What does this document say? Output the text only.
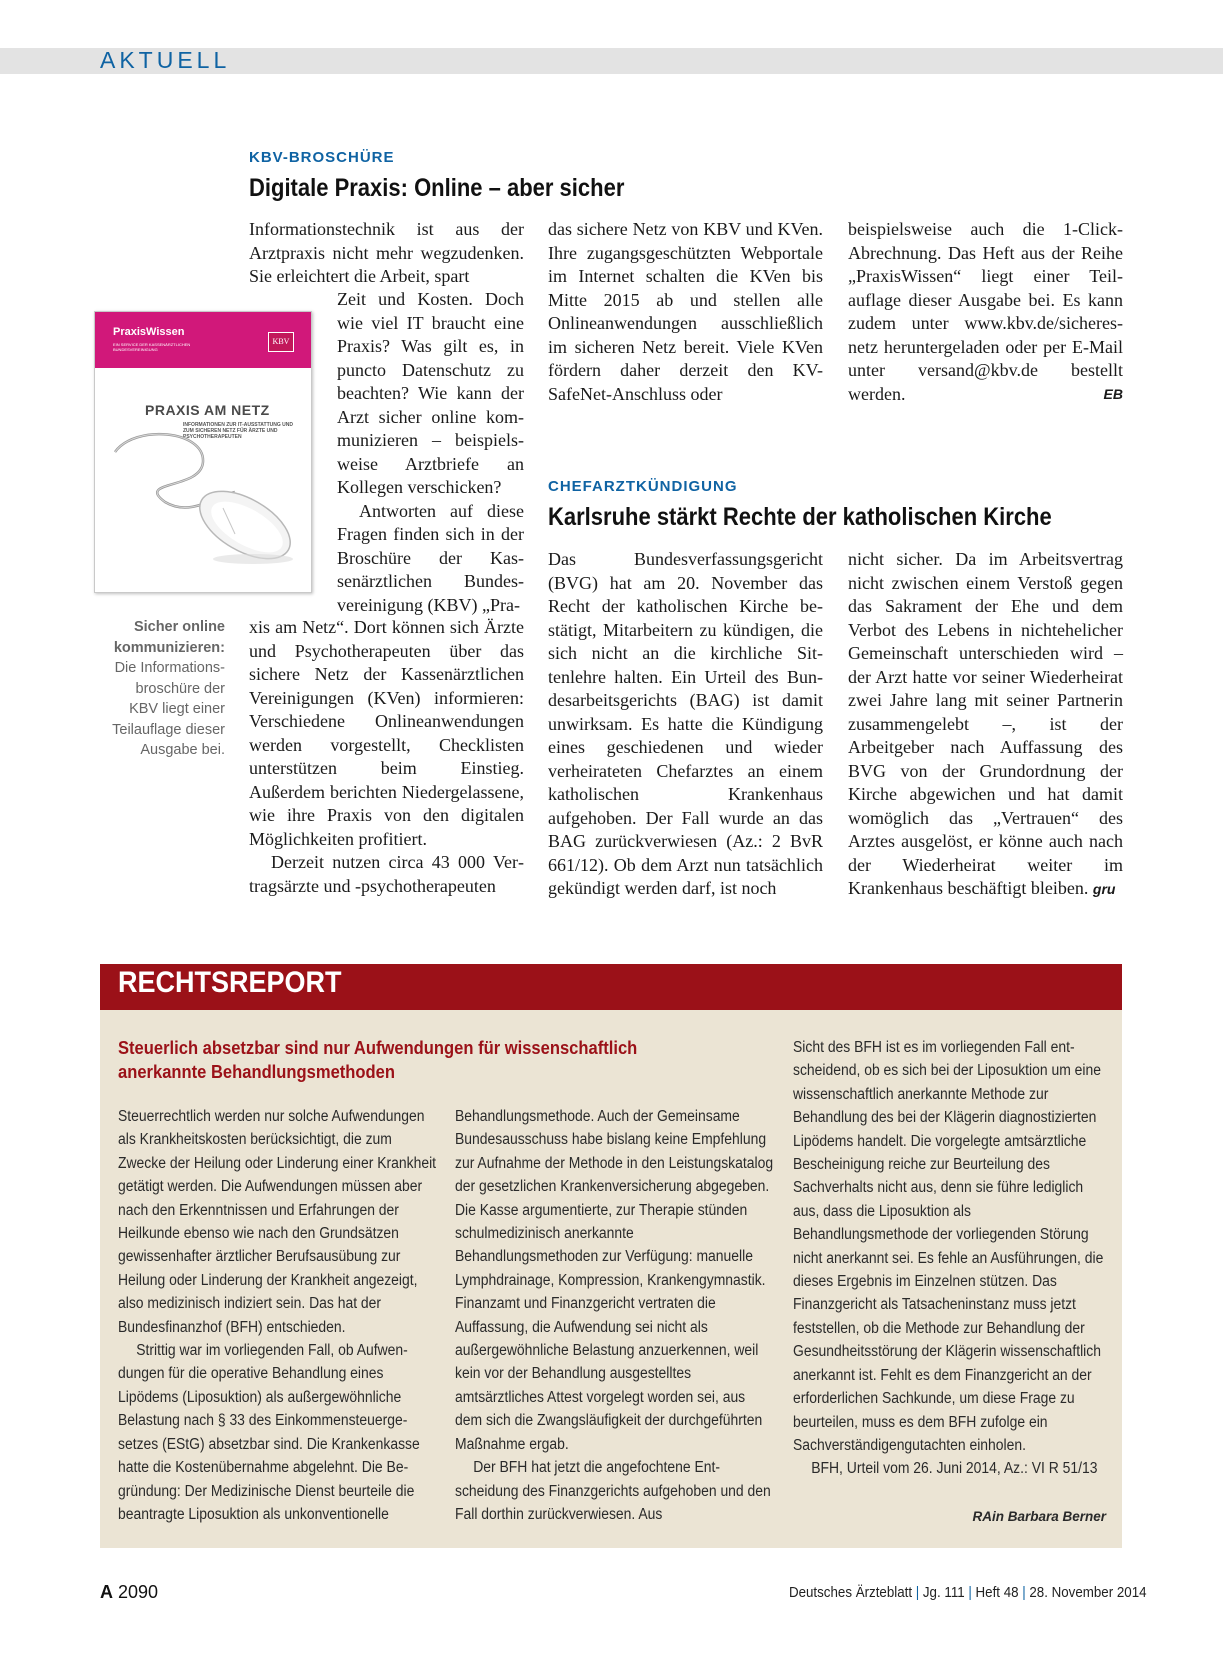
AKTUELL
KBV-BROSCHÜRE
Digitale Praxis: Online – aber sicher

Informationstechnik ist aus der Arztpraxis nicht mehr wegzudenken. Sie erleichtert die Arbeit, spart

Zeit und Kosten. Doch wie viel IT braucht eine Praxis? Was gilt es, in puncto Datenschutz zu beachten? Wie kann der Arzt sicher online kommunizieren – beispielsweise Arztbriefe an Kollegen verschicken?

Antworten auf diese Fragen finden sich in der Broschüre der Kassenärztlichen Bundesvereinigung (KBV) „Pra-

xis am Netz“. Dort können sich Ärzte und Psychotherapeuten über das sichere Netz der Kassenärztlichen Vereinigungen (KVen) informieren: Verschiedene Onlineanwendungen werden vorgestellt, Checklisten unterstützen beim Einstieg. Außerdem berichten Niedergelassene, wie ihre Praxis von den digitalen Möglichkeiten profitiert.

Derzeit nutzen circa 43 000 Vertragsärzte und -psychotherapeuten

das sichere Netz von KBV und KVen. Ihre zugangsgeschützten Webportale im Internet schalten die KVen bis Mitte 2015 ab und stellen alle Onlineanwendungen ausschließlich im sicheren Netz bereit. Viele KVen fördern daher derzeit den KV-SafeNet-Anschluss oder
beispielsweise auch die 1-Click-Abrechnung. Das Heft aus der Reihe „PraxisWissen“ liegt einer Teilauflage dieser Ausgabe bei. Es kann zudem unter www.kbv.de/sicheresnetz heruntergeladen oder per E-Mail unter versand@kbv.de bestellt werden.	EB
PraxisWissen
EIN SERVICE DER KASSENÄRZTLICHEN BUNDESVEREINIGUNG
KBV
PRAXIS AM NETZ
INFORMATIONEN ZUR IT-AUSSTATTUNG UND ZUM SICHEREN NETZ FÜR ÄRZTE UND PSYCHOTHERAPEUTEN
Sicher online kommunizieren: Die Informationsbroschüre der KBV liegt einer Teilauflage dieser Ausgabe bei.
CHEFARZTKÜNDIGUNG
Karlsruhe stärkt Rechte der katholischen Kirche
Das Bundesverfassungsgericht (BVG) hat am 20. November das Recht der katholischen Kirche bestätigt, Mitarbeitern zu kündigen, die sich nicht an die kirchliche Sittenlehre halten. Ein Urteil des Bundesarbeitsgerichts (BAG) ist damit unwirksam. Es hatte die Kündigung eines geschiedenen und wieder verheirateten Chefarztes an einem katholischen Krankenhaus aufgehoben. Der Fall wurde an das BAG zurückverwiesen (Az.: 2 BvR 661/12). Ob dem Arzt nun tatsächlich gekündigt werden darf, ist noch
nicht sicher. Da im Arbeitsvertrag nicht zwischen einem Verstoß gegen das Sakrament der Ehe und dem Verbot des Lebens in nichtehelicher Gemeinschaft unterschieden wird – der Arzt hatte vor seiner Wiederheirat zwei Jahre lang mit seiner Partnerin zusammengelebt –, ist der Arbeitgeber nach Auffassung des BVG von der Grundordnung der Kirche abgewichen und hat damit womöglich das „Vertrauen“ des Arztes ausgelöst, er könne auch nach der Wiederheirat weiter im Krankenhaus beschäftigt bleiben. gru
RECHTSREPORT
Steuerlich absetzbar sind nur Aufwendungen für wissenschaftlich anerkannte Behandlungsmethoden

Steuerrechtlich werden nur solche Aufwendungen als Krankheitskosten berücksichtigt, die zum Zwecke der Heilung oder Linderung einer Krankheit getätigt werden. Die Aufwendungen müssen aber nach den Erkenntnissen und Erfahrungen der Heilkunde ebenso wie nach den Grundsätzen gewissenhafter ärztlicher Berufsausübung zur Heilung oder Linderung der Krankheit angezeigt, also medizinisch indiziert sein. Das hat der Bundesfinanzhof (BFH) entschieden.

Strittig war im vorliegenden Fall, ob Aufwendungen für die operative Behandlung eines Lipödems (Liposuktion) als außergewöhnliche Belastung nach § 33 des Einkommensteuergesetzes (EStG) absetzbar sind. Die Krankenkasse hatte die Kostenübernahme abgelehnt. Die Begründung: Der Medizinische Dienst beurteile die beantragte Liposuktion als unkonventionelle

Behandlungsmethode. Auch der Gemeinsame Bundesausschuss habe bislang keine Empfehlung zur Aufnahme der Methode in den Leistungskatalog der gesetzlichen Krankenversicherung abgegeben. Die Kasse argumentierte, zur Therapie stünden schulmedizinisch anerkannte Behandlungsmethoden zur Verfügung: manuelle Lymphdrainage, Kompression, Krankengymnastik. Finanzamt und Finanzgericht vertraten die Auffassung, die Aufwendung sei nicht als außergewöhnliche Belastung anzuerkennen, weil kein vor der Behandlung ausgestelltes amtsärztliches Attest vorgelegt worden sei, aus dem sich die Zwangsläufigkeit der durchgeführten Maßnahme ergab.

Der BFH hat jetzt die angefochtene Entscheidung des Finanzgerichts aufgehoben und den Fall dorthin zurückverwiesen. Aus

Sicht des BFH ist es im vorliegenden Fall entscheidend, ob es sich bei der Liposuktion um eine wissenschaftlich anerkannte Methode zur Behandlung des bei der Klägerin diagnostizierten Lipödems handelt. Die vorgelegte amtsärztliche Bescheinigung reiche zur Beurteilung des Sachverhalts nicht aus, denn sie führe lediglich aus, dass die Liposuktion als Behandlungsmethode der vorliegenden Störung nicht anerkannt sei. Es fehle an Ausführungen, die dieses Ergebnis im Einzelnen stützen. Das Finanzgericht als Tatsacheninstanz muss jetzt feststellen, ob die Methode zur Behandlung der Gesundheitsstörung der Klägerin wissenschaftlich anerkannt ist. Fehlt es dem Finanzgericht an der erforderlichen Sachkunde, um diese Frage zu beurteilen, muss es dem BFH zufolge ein Sachverständigengutachten einholen.

BFH, Urteil vom 26. Juni 2014, Az.: VI R 51/13

RAin Barbara Berner
A 2090	Deutsches Ärzteblatt | Jg. 111 | Heft 48 | 28. November 2014
